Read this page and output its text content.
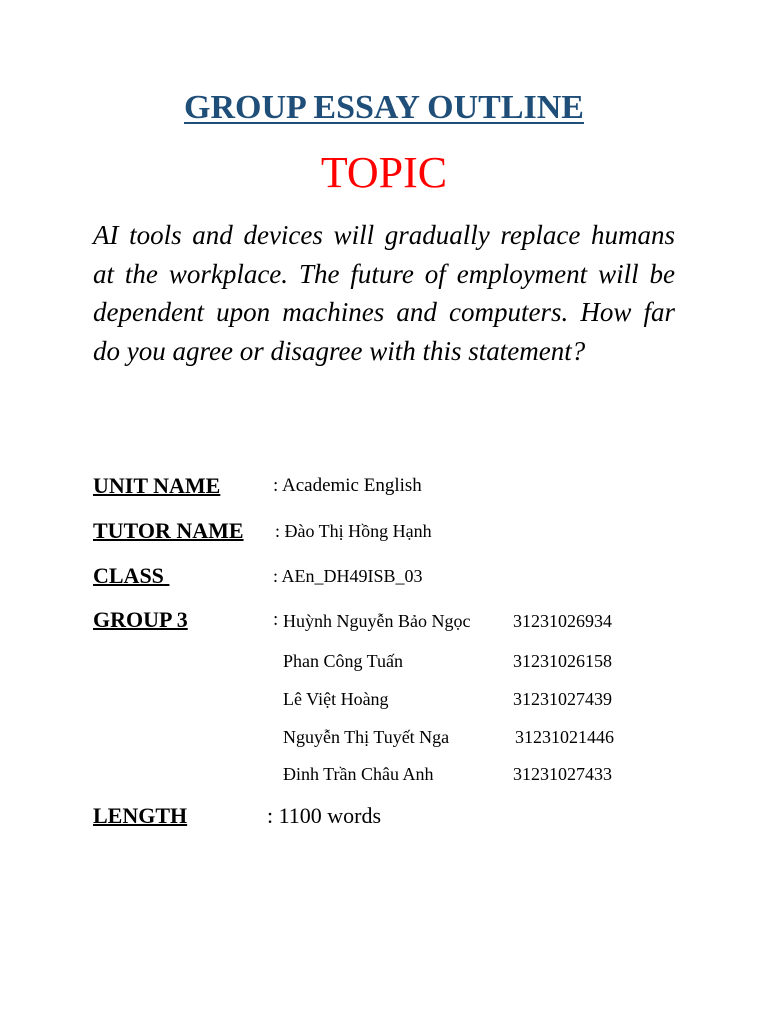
GROUP ESSAY OUTLINE
TOPIC

AI tools and devices will gradually replace humans at the workplace. The future of employment will be dependent upon machines and computers. How far do you agree or disagree with this statement?

UNIT NAME	: Academic English
TUTOR NAME : Đào Thị Hồng Hạnh
CLASS	: AEn_DH49ISB_03
GROUP 3	: Huỳnh Nguyễn Bảo Ngọc 31231026934
Phan Công Tuấn	31231026158
Lê Việt Hoàng	31231027439
Nguyễn Thị Tuyết Nga	31231021446
Đinh Trần Châu Anh	31231027433
LENGTH	: 1100 words
